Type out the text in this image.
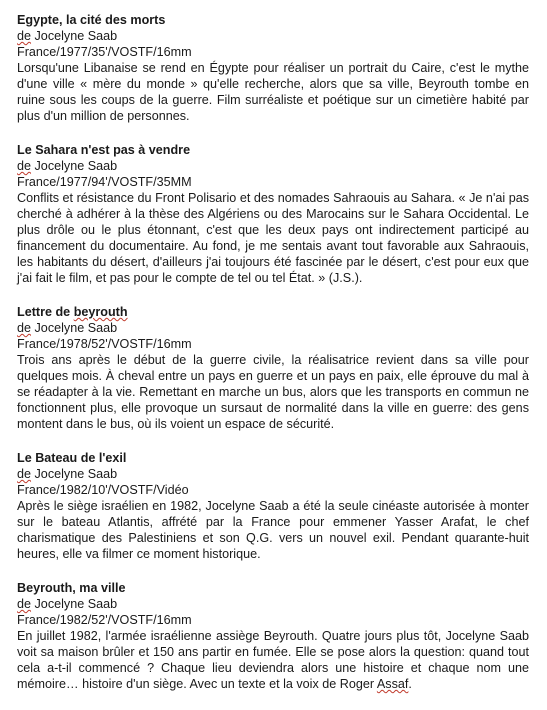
Egypte, la cité des morts

de Jocelyne Saab

France/1977/35'/VOSTF/16mm

Lorsqu'une Libanaise se rend en Égypte pour réaliser un portrait du Caire, c'est le mythe d'une ville « mère du monde » qu'elle recherche, alors que sa ville, Beyrouth tombe en ruine sous les coups de la guerre. Film surréaliste et poétique sur un cimetière habité par plus d'un million de personnes.

Le Sahara n'est pas à vendre

de Jocelyne Saab

France/1977/94'/VOSTF/35MM

Conflits et résistance du Front Polisario et des nomades Sahraouis au Sahara. « Je n'ai pas cherché à adhérer à la thèse des Algériens ou des Marocains sur le Sahara Occidental. Le plus drôle ou le plus étonnant, c'est que les deux pays ont indirectement participé au financement du documentaire. Au fond, je me sentais avant tout favorable aux Sahraouis, les habitants du désert, d'ailleurs j'ai toujours été fascinée par le désert, c'est pour eux que j'ai fait le film, et pas pour le compte de tel ou tel État. » (J.S.).

Lettre de beyrouth

de Jocelyne Saab

France/1978/52'/VOSTF/16mm

Trois ans après le début de la guerre civile, la réalisatrice revient dans sa ville pour quelques mois. À cheval entre un pays en guerre et un pays en paix, elle éprouve du mal à se réadapter à la vie. Remettant en marche un bus, alors que les transports en commun ne fonctionnent plus, elle provoque un sursaut de normalité dans la ville en guerre: des gens montent dans le bus, où ils voient un espace de sécurité.

Le Bateau de l'exil

de Jocelyne Saab

France/1982/10'/VOSTF/Vidéo

Après le siège israélien en 1982, Jocelyne Saab a été la seule cinéaste autorisée à monter sur le bateau Atlantis, affrété par la France pour emmener Yasser Arafat, le chef charismatique des Palestiniens et son Q.G. vers un nouvel exil. Pendant quarante-huit heures, elle va filmer ce moment historique.

Beyrouth, ma ville

de Jocelyne Saab

France/1982/52'/VOSTF/16mm

En juillet 1982, l'armée israélienne assiège Beyrouth. Quatre jours plus tôt, Jocelyne Saab voit sa maison brûler et 150 ans partir en fumée. Elle se pose alors la question: quand tout cela a-t-il commencé ? Chaque lieu deviendra alors une histoire et chaque nom une mémoire… histoire d'un siège. Avec un texte et la voix de Roger Assaf.
